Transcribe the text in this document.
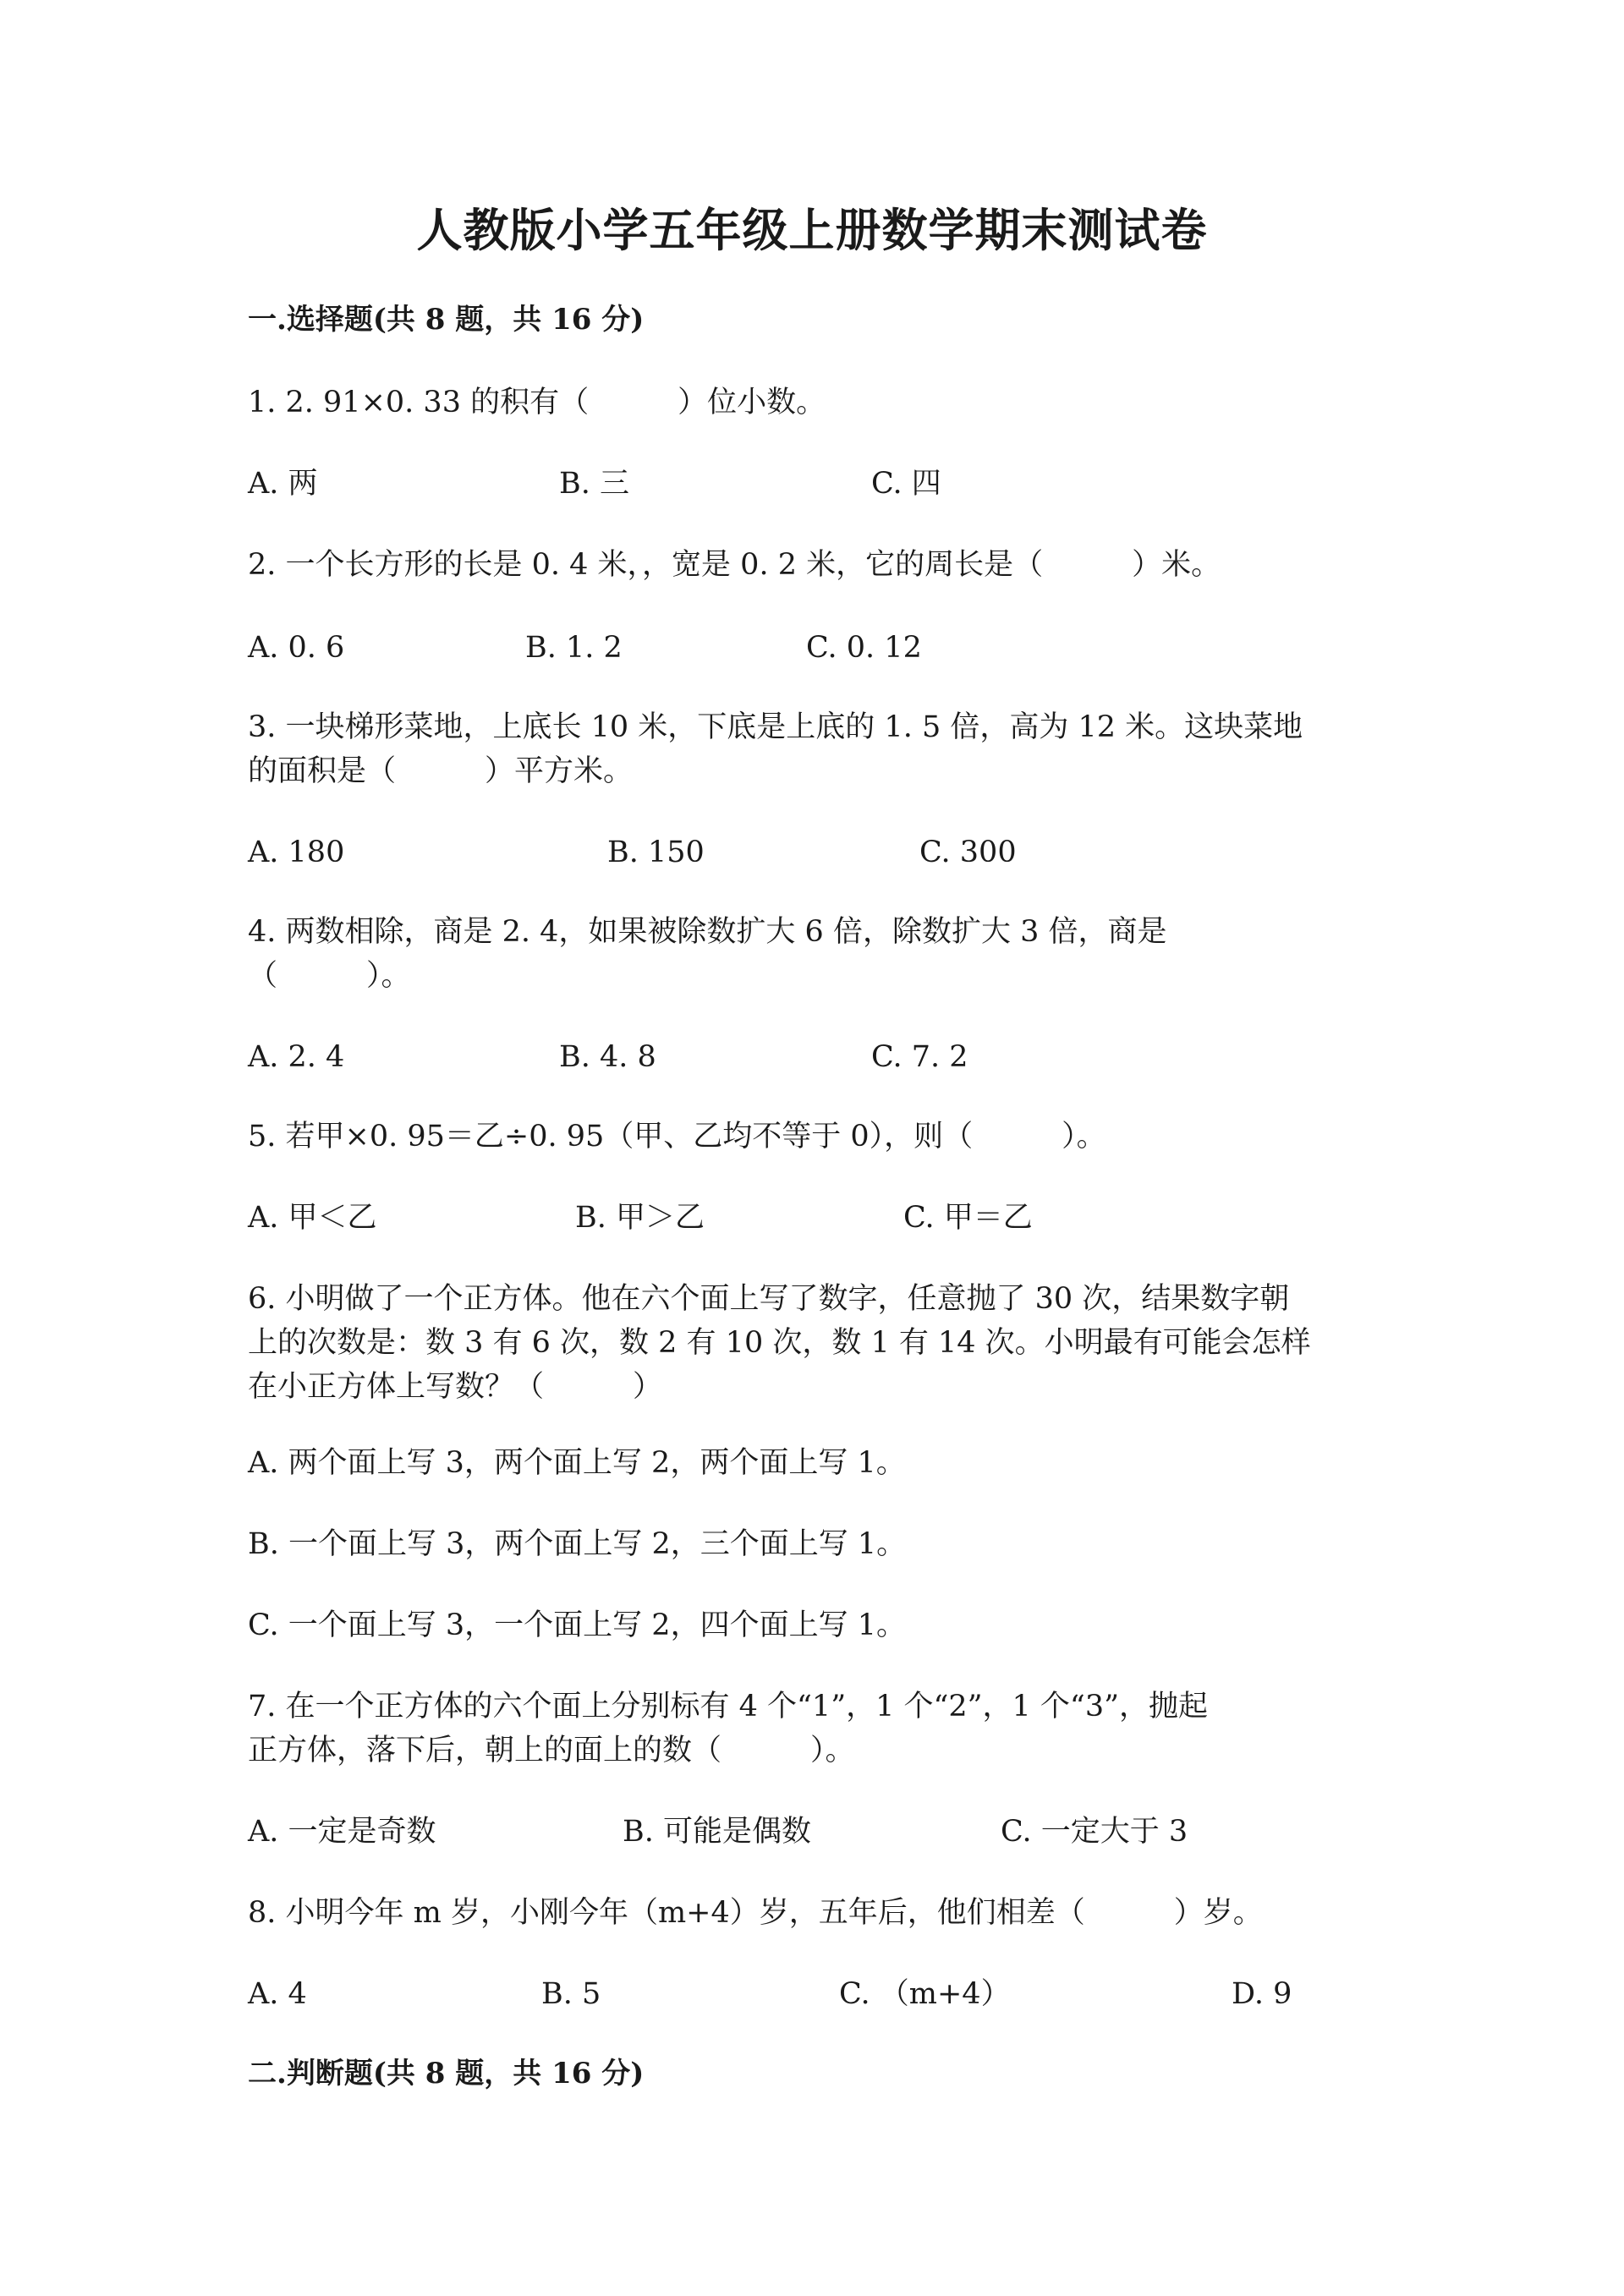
人教版小学五年级上册数学期末测试卷
一.选择题(共 8 题，共 16 分)
1. 2. 91×0. 33 的积有（　　　）位小数。
A. 两	B. 三	C. 四
2. 一个长方形的长是 0. 4 米，，宽是 0. 2 米，它的周长是（　　　）米。
A. 0. 6	B. 1. 2	C. 0. 12
3. 一块梯形菜地，上底长 10 米，下底是上底的 1. 5 倍，高为 12 米。这块菜地
的面积是（　　　）平方米。
A. 180	B. 150	C. 300
4. 两数相除，商是 2. 4，如果被除数扩大 6 倍，除数扩大 3 倍，商是
（　　　）。
A. 2. 4	B. 4. 8	C. 7. 2
5. 若甲×0. 95＝乙÷0. 95（甲、乙均不等于 0），则（　　　）。
A. 甲＜乙	B. 甲＞乙	C. 甲＝乙
6. 小明做了一个正方体。他在六个面上写了数字，任意抛了 30 次，结果数字朝
上的次数是：数 3 有 6 次，数 2 有 10 次，数 1 有 14 次。小明最有可能会怎样
在小正方体上写数？（　　　）
A. 两个面上写 3，两个面上写 2，两个面上写 1。
B. 一个面上写 3，两个面上写 2，三个面上写 1。
C. 一个面上写 3，一个面上写 2，四个面上写 1。
7. 在一个正方体的六个面上分别标有 4 个“1”，1 个“2”，1 个“3”，抛起
正方体，落下后，朝上的面上的数（　　　）。
A. 一定是奇数	B. 可能是偶数	C. 一定大于 3
8. 小明今年 m 岁，小刚今年（m+4）岁，五年后，他们相差（　　　）岁。
A. 4	B. 5	C. （m+4）	D. 9
二.判断题(共 8 题，共 16 分)
